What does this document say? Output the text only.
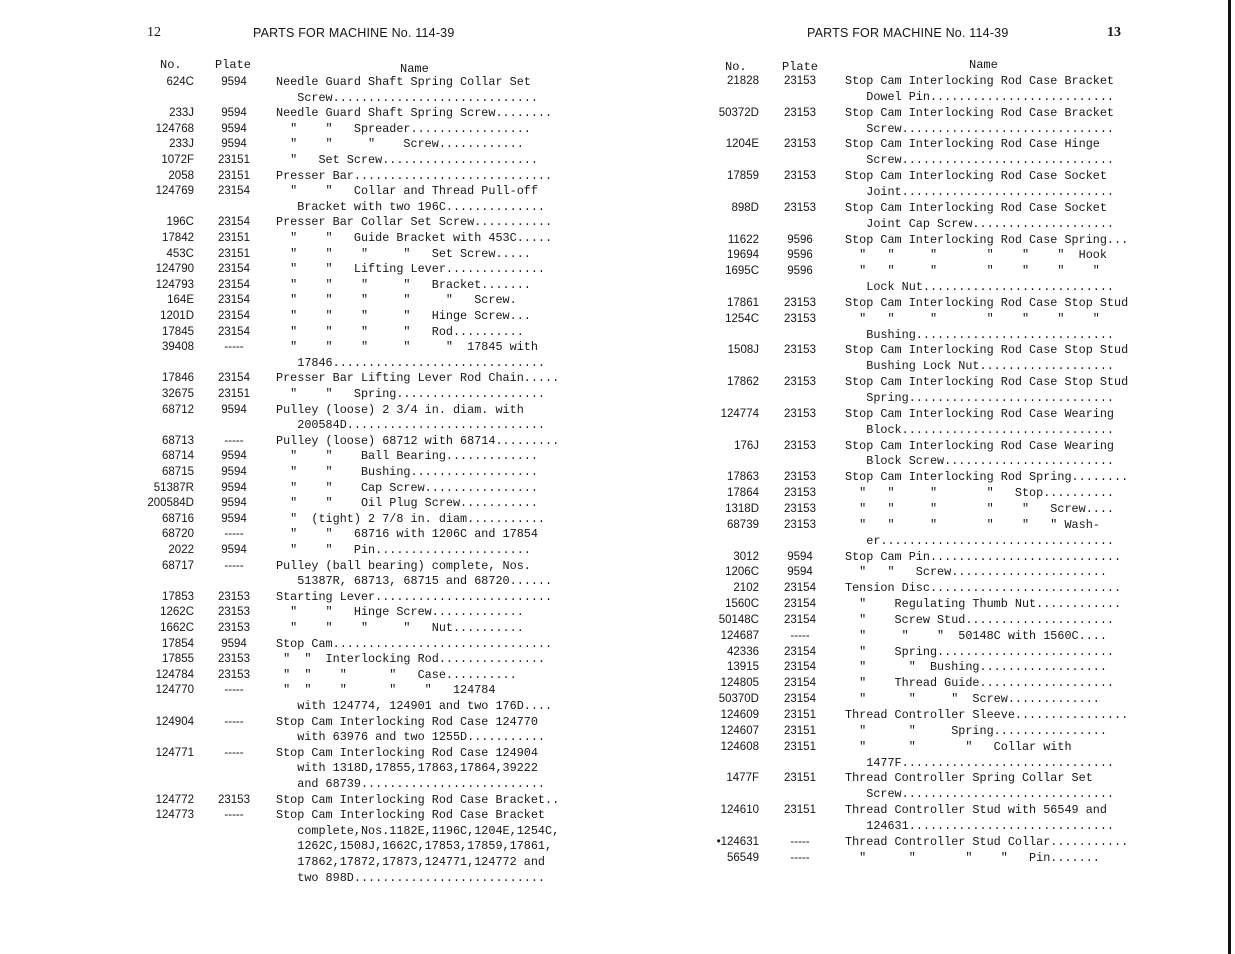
12	PARTS FOR MACHINE No. 114-39
No.	Plate	Name
624C	9594	Needle Guard Shaft Spring Collar Set
Screw.............................
233J	9594	Needle Guard Shaft Spring Screw........
124768	9594	"    "   Spreader.................
233J	9594	"    "     "    Screw............
1072F	23151	"   Set Screw......................
2058	23151	Presser Bar............................
124769	23154	"    "   Collar and Thread Pull-off
Bracket with two 196C..............
196C	23154	Presser Bar Collar Set Screw...........
17842	23151	"    "   Guide Bracket with 453C.....
453C	23151	"    "    "     "   Set Screw.....
124790	23154	"    "   Lifting Lever..............
124793	23154	"    "    "     "   Bracket.......
164E	23154	"    "    "     "     "   Screw.
1201D	23154	"    "    "     "   Hinge Screw...
17845	23154	"    "    "     "   Rod..........
39408	-----	"    "    "     "     "  17845 with
17846..............................
17846	23154	Presser Bar Lifting Lever Rod Chain.....
32675	23151	"    "   Spring.....................
68712	9594	Pulley (loose) 2 3/4 in. diam. with
200584D............................
68713	-----	Pulley (loose) 68712 with 68714.........
68714	9594	"    "    Ball Bearing.............
68715	9594	"    "    Bushing..................
51387R	9594	"    "    Cap Screw................
200584D	9594	"    "    Oil Plug Screw...........
68716	9594	"  (tight) 2 7/8 in. diam...........
68720	-----	"    "   68716 with 1206C and 17854
2022	9594	"    "   Pin......................
68717	-----	Pulley (ball bearing) complete, Nos.
51387R, 68713, 68715 and 68720......
17853	23153	Starting Lever.........................
1262C	23153	"    "   Hinge Screw.............
1662C	23153	"    "    "     "   Nut..........
17854	9594	Stop Cam...............................
17855	23153	"  "  Interlocking Rod...............
124784	23153	"  "    "      "   Case..........
124770	-----	"  "    "      "    "   124784
with 124774, 124901 and two 176D....
124904	-----	Stop Cam Interlocking Rod Case 124770
with 63976 and two 1255D...........
124771	-----	Stop Cam Interlocking Rod Case 124904
with 1318D,17855,17863,17864,39222
and 68739..........................
124772	23153	Stop Cam Interlocking Rod Case Bracket..
124773	-----	Stop Cam Interlocking Rod Case Bracket
complete,Nos.1182E,1196C,1204E,1254C,
1262C,1508J,1662C,17853,17859,17861,
17862,17872,17873,124771,124772 and
two 898D...........................
PARTS FOR MACHINE No. 114-39	13
No.	Plate	Name
21828	23153	Stop Cam Interlocking Rod Case Bracket
Dowel Pin..........................
50372D	23153	Stop Cam Interlocking Rod Case Bracket
Screw..............................
1204E	23153	Stop Cam Interlocking Rod Case Hinge
Screw..............................
17859	23153	Stop Cam Interlocking Rod Case Socket
Joint..............................
898D	23153	Stop Cam Interlocking Rod Case Socket
Joint Cap Screw....................
11622	9596	Stop Cam Interlocking Rod Case Spring...
19694	9596	"   "     "       "    "    "  Hook
1695C	9596	"   "     "       "    "    "    "
Lock Nut...........................
17861	23153	Stop Cam Interlocking Rod Case Stop Stud
1254C	23153	"   "     "       "    "    "    "
Bushing............................
1508J	23153	Stop Cam Interlocking Rod Case Stop Stud
Bushing Lock Nut...................
17862	23153	Stop Cam Interlocking Rod Case Stop Stud
Spring.............................
124774	23153	Stop Cam Interlocking Rod Case Wearing
Block..............................
176J	23153	Stop Cam Interlocking Rod Case Wearing
Block Screw........................
17863	23153	Stop Cam Interlocking Rod Spring........
17864	23153	"   "     "       "   Stop..........
1318D	23153	"   "     "       "    "   Screw....
68739	23153	"   "     "       "    "   " Wash-
er.................................
3012	9594	Stop Cam Pin...........................
1206C	9594	"   "   Screw......................
2102	23154	Tension Disc...........................
1560C	23154	"    Regulating Thumb Nut............
50148C	23154	"    Screw Stud.....................
124687	-----	"     "    "  50148C with 1560C....
42336	23154	"    Spring.........................
13915	23154	"      "  Bushing..................
124805	23154	"    Thread Guide...................
50370D	23154	"      "     "  Screw.............
124609	23151	Thread Controller Sleeve................
124607	23151	"      "     Spring................
124608	23151	"      "       "   Collar with
1477F..............................
1477F	23151	Thread Controller Spring Collar Set
Screw..............................
124610	23151	Thread Controller Stud with 56549 and
124631.............................
•124631	-----	Thread Controller Stud Collar...........
56549	-----	"      "       "    "   Pin.......
